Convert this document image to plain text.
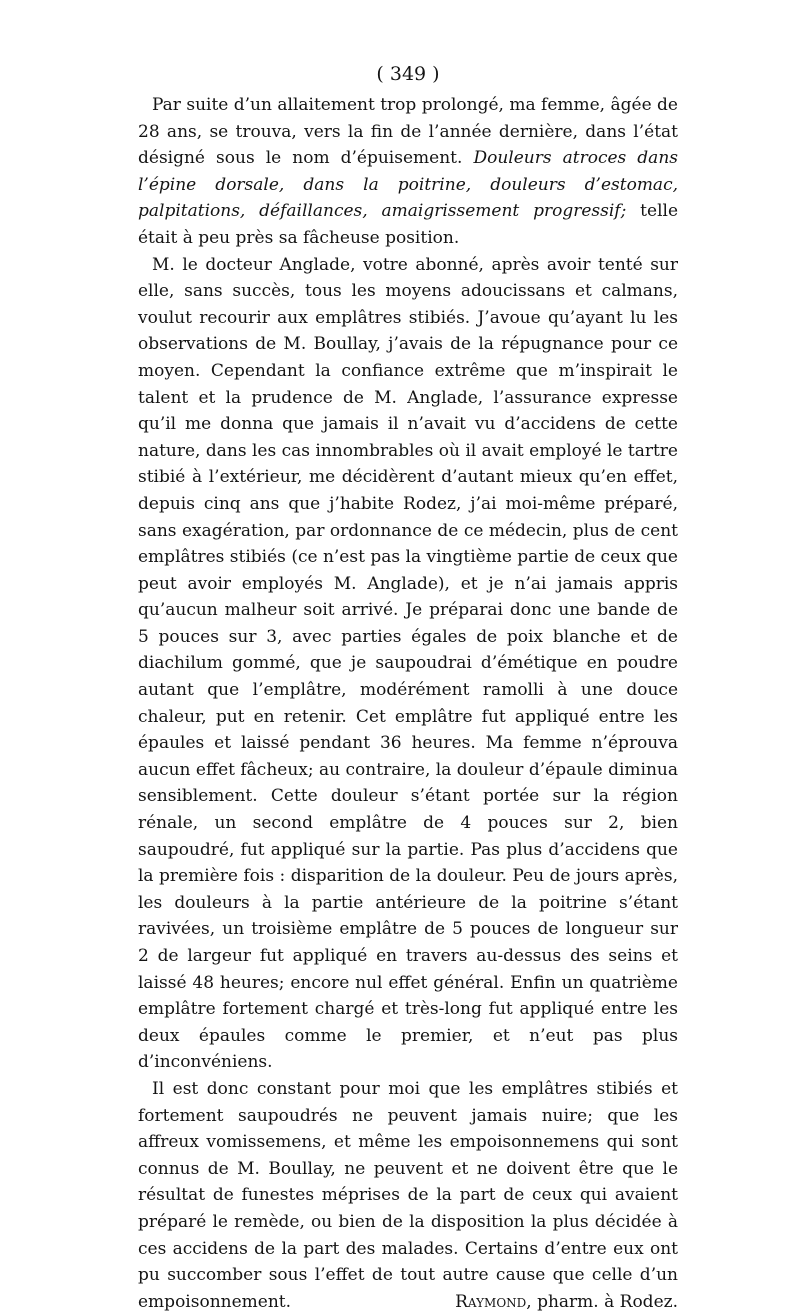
( 349 )

Par suite d’un allaitement trop prolongé, ma femme, âgée de 28 ans, se trouva, vers la fin de l’année dernière, dans l’état désigné sous le nom d’épuisement. Douleurs atroces dans l’épine dorsale, dans la poitrine, douleurs d’estomac, palpitations, défaillances, amaigrissement progressif; telle était à peu près sa fâcheuse position.

M. le docteur Anglade, votre abonné, après avoir tenté sur elle, sans succès, tous les moyens adoucissans et calmans, voulut recourir aux emplâtres stibiés. J’avoue qu’ayant lu les observations de M. Boullay, j’avais de la répugnance pour ce moyen. Cependant la confiance extrême que m’inspirait le talent et la prudence de M. Anglade, l’assurance expresse qu’il me donna que jamais il n’avait vu d’accidens de cette nature, dans les cas innombrables où il avait employé le tartre stibié à l’extérieur, me décidèrent d’autant mieux qu’en effet, depuis cinq ans que j’habite Rodez, j’ai moi-même préparé, sans exagération, par ordonnance de ce médecin, plus de cent emplâtres stibiés (ce n’est pas la vingtième partie de ceux que peut avoir employés M. Anglade), et je n’ai jamais appris qu’aucun malheur soit arrivé. Je préparai donc une bande de 5 pouces sur 3, avec parties égales de poix blanche et de diachilum gommé, que je saupoudrai d’émétique en poudre autant que l’emplâtre, modérément ramolli à une douce chaleur, put en retenir. Cet emplâtre fut appliqué entre les épaules et laissé pendant 36 heures. Ma femme n’éprouva aucun effet fâcheux; au contraire, la douleur d’épaule diminua sensiblement. Cette douleur s’étant portée sur la région rénale, un second emplâtre de 4 pouces sur 2, bien saupoudré, fut appliqué sur la partie. Pas plus d’accidens que la première fois : disparition de la douleur. Peu de jours après, les douleurs à la partie antérieure de la poitrine s’étant ravivées, un troisième emplâtre de 5 pouces de longueur sur 2 de largeur fut appliqué en travers au-dessus des seins et laissé 48 heures; encore nul effet général. Enfin un quatrième emplâtre fortement chargé et très-long fut appliqué entre les deux épaules comme le premier, et n’eut pas plus d’inconvéniens.

Il est donc constant pour moi que les emplâtres stibiés et fortement saupoudrés ne peuvent jamais nuire; que les affreux vomissemens, et même les empoisonnemens qui sont connus de M. Boullay, ne peuvent et ne doivent être que le résultat de funestes méprises de la part de ceux qui avaient préparé le remède, ou bien de la disposition la plus décidée à ces accidens de la part des malades. Certains d’entre eux ont pu succomber sous l’effet de tout autre cause que celle d’un empoisonnement.	Raymond, pharm. à Rodez.
